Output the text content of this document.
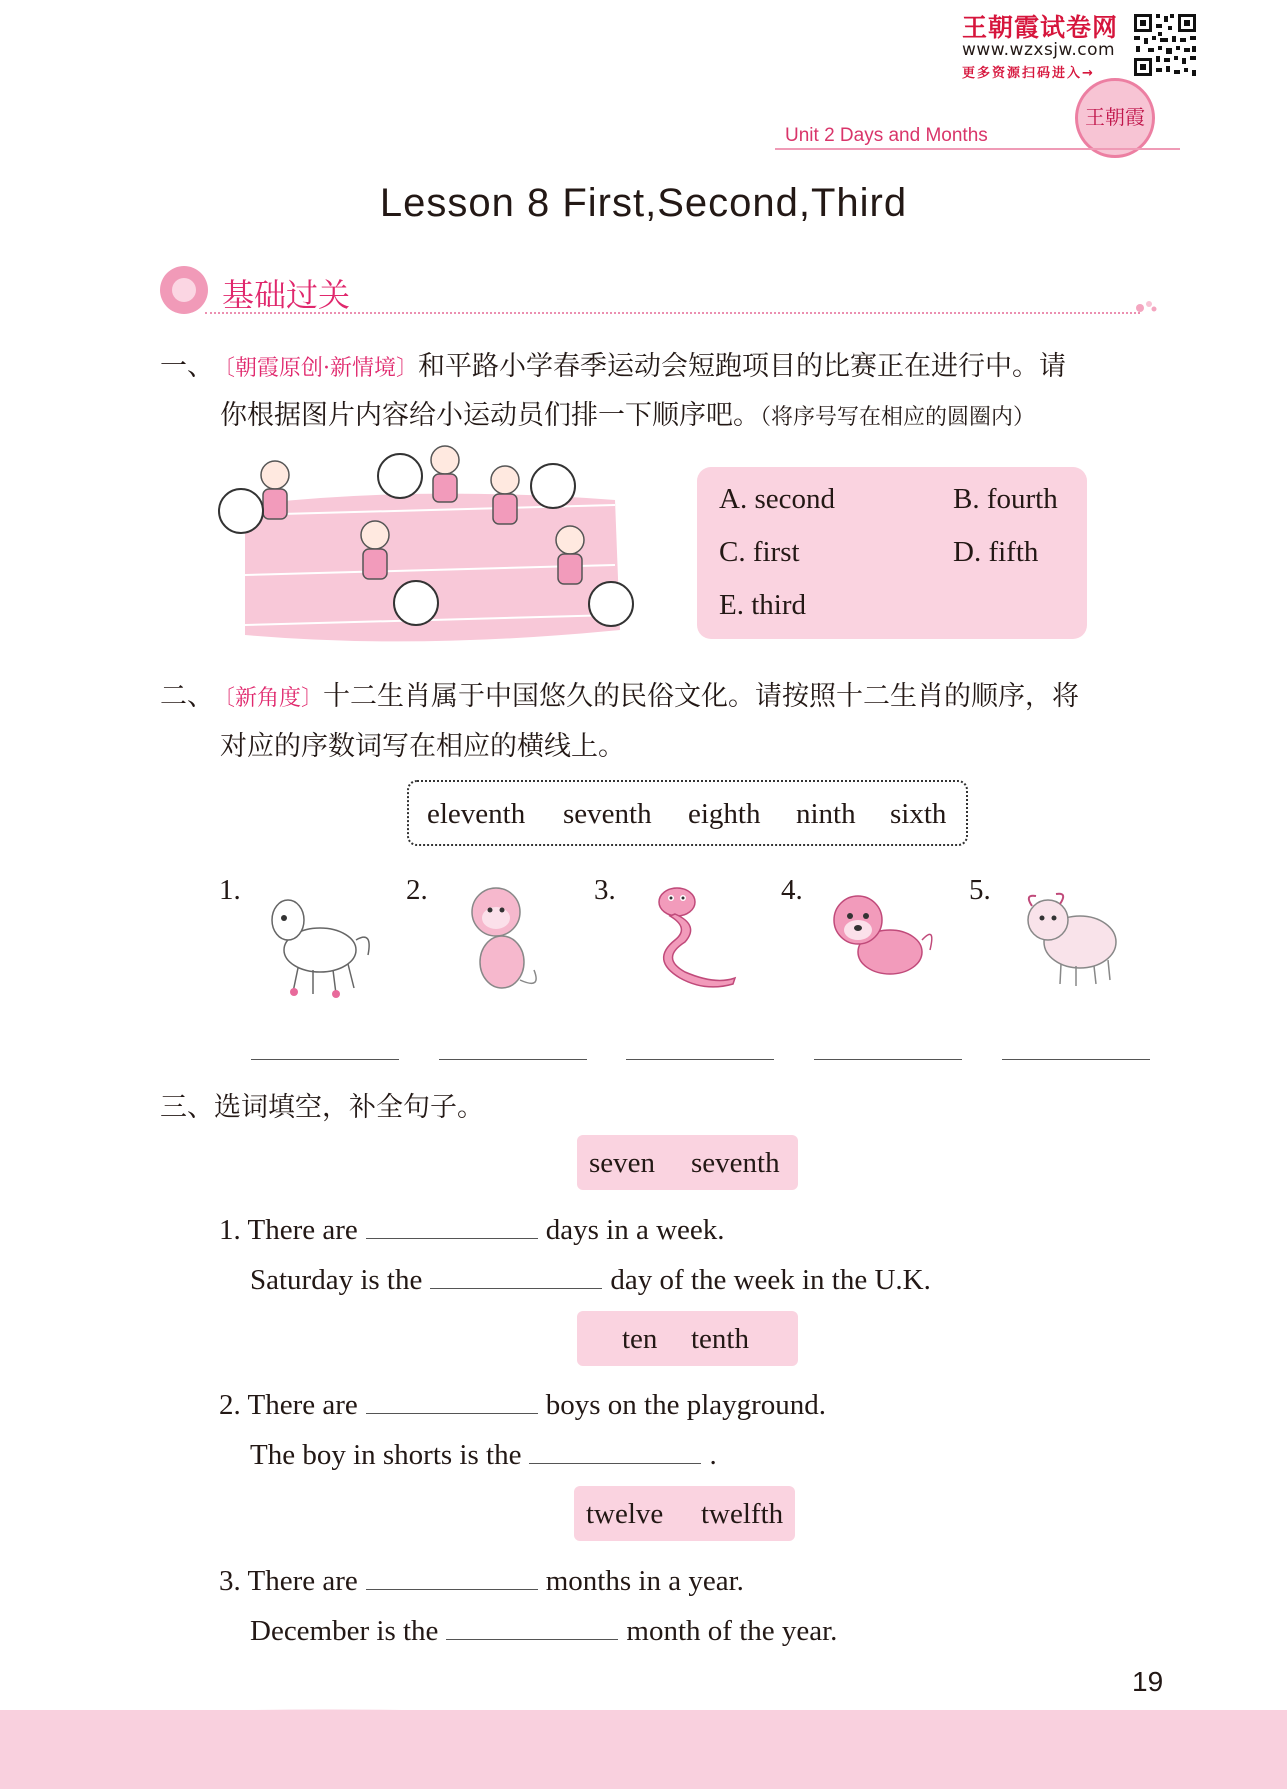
王朝霞试卷网
www.wzxsjw.com
更多资源扫码进入→
王朝霞
Unit 2 Days and Months
Lesson 8 First,Second,Third
基础过关
一、 〔朝霞原创·新情境〕和平路小学春季运动会短跑项目的比赛正在进行中。请
你根据图片内容给小运动员们排一下顺序吧。（将序号写在相应的圆圈内）
A. second	B. fourth
C. first	D. fifth
E. third
二、 〔新角度〕十二生肖属于中国悠久的民俗文化。请按照十二生肖的顺序，将
对应的序数词写在相应的横线上。
eleventh seventh eighth ninth sixth
1.	2.	3.	4.	5.
三、选词填空，补全句子。
seven seventh
1. There are	days in a week.
Saturday is the	day of the week in the U.K.
ten tenth
2. There are	boys on the playground.
The boy in shorts is the	.
twelve twelfth
3. There are	months in a year.
December is the	month of the year.
19
